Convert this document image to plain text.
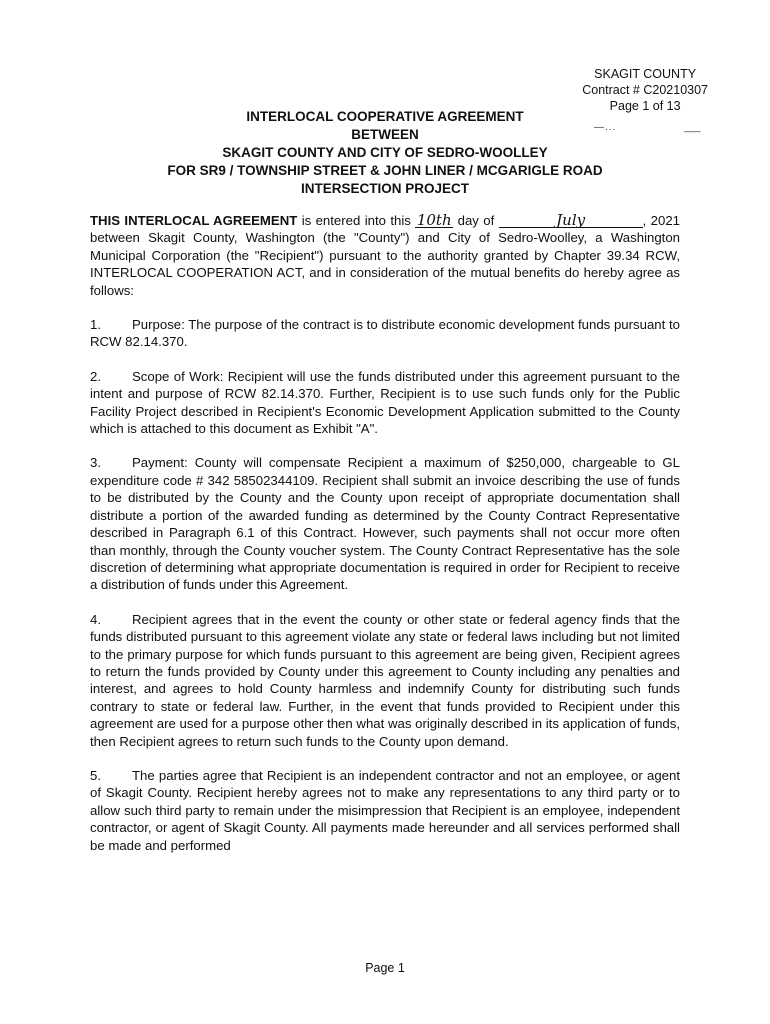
SKAGIT COUNTY
Contract # C20210307
Page 1 of 13
—...	___
INTERLOCAL COOPERATIVE AGREEMENT
BETWEEN
SKAGIT COUNTY AND CITY OF SEDRO-WOOLLEY
FOR SR9 / TOWNSHIP STREET & JOHN LINER / MCGARIGLE ROAD
INTERSECTION PROJECT

THIS INTERLOCAL AGREEMENT is entered into this 10th day of	July	, 2021 between Skagit County, Washington (the "County") and City of Sedro-Woolley, a Washington Municipal Corporation (the "Recipient") pursuant to the authority granted by Chapter 39.34 RCW, INTERLOCAL COOPERATION ACT, and in consideration of the mutual benefits do hereby agree as follows:

1. Purpose: The purpose of the contract is to distribute economic development funds pursuant to RCW 82.14.370.

2. Scope of Work: Recipient will use the funds distributed under this agreement pursuant to the intent and purpose of RCW 82.14.370. Further, Recipient is to use such funds only for the Public Facility Project described in Recipient's Economic Development Application submitted to the County which is attached to this document as Exhibit "A".

3. Payment: County will compensate Recipient a maximum of $250,000, chargeable to GL expenditure code # 342 58502344109. Recipient shall submit an invoice describing the use of funds to be distributed by the County and the County upon receipt of appropriate documentation shall distribute a portion of the awarded funding as determined by the County Contract Representative described in Paragraph 6.1 of this Contract. However, such payments shall not occur more often than monthly, through the County voucher system. The County Contract Representative has the sole discretion of determining what appropriate documentation is required in order for Recipient to receive a distribution of funds under this Agreement.

4. Recipient agrees that in the event the county or other state or federal agency finds that the funds distributed pursuant to this agreement violate any state or federal laws including but not limited to the primary purpose for which funds pursuant to this agreement are being given, Recipient agrees to return the funds provided by County under this agreement to County including any penalties and interest, and agrees to hold County harmless and indemnify County for distributing such funds contrary to state or federal law. Further, in the event that funds provided to Recipient under this agreement are used for a purpose other then what was originally described in its application of funds, then Recipient agrees to return such funds to the County upon demand.

5. The parties agree that Recipient is an independent contractor and not an employee, or agent of Skagit County. Recipient hereby agrees not to make any representations to any third party or to allow such third party to remain under the misimpression that Recipient is an employee, independent contractor, or agent of Skagit County. All payments made hereunder and all services performed shall be made and performed

Page 1
